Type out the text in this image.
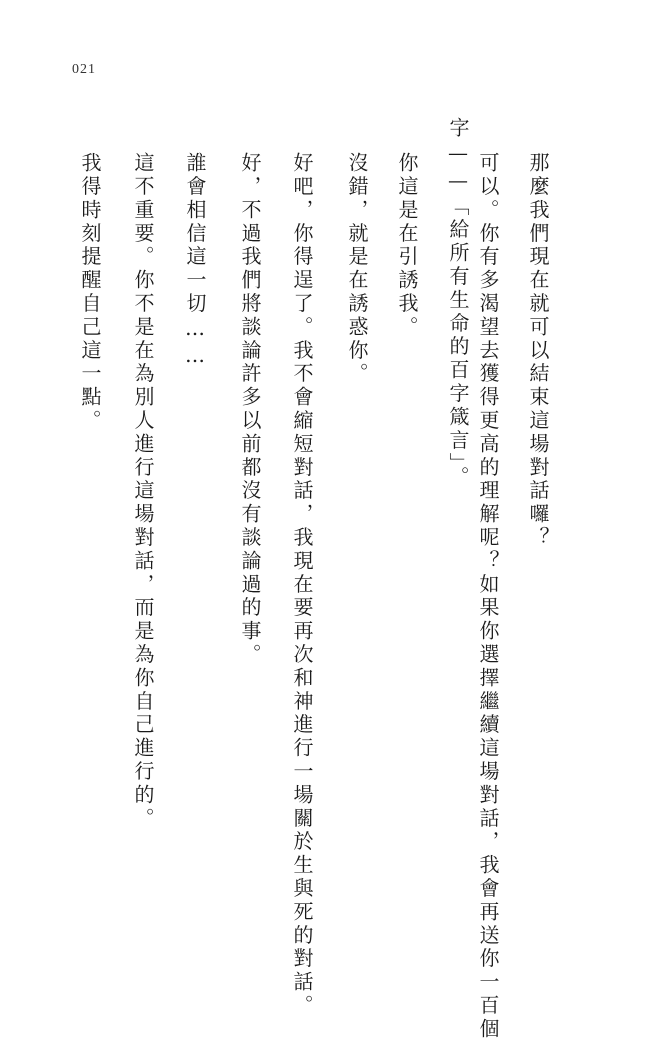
021
那麼我們現在就可以結束這場對話囉？
可以。你有多渴望去獲得更高的理解呢？如果你選擇繼續這場對話，我會再送你一百個
字——「給所有生命的百字箴言」。
你這是在引誘我。
沒錯，就是在誘惑你。
好吧，你得逞了。我不會縮短對話，我現在要再次和神進行一場關於生與死的對話。
好，不過我們將談論許多以前都沒有談論過的事。
誰會相信這一切……
這不重要。你不是在為別人進行這場對話，而是為你自己進行的。
我得時刻提醒自己這一點。
